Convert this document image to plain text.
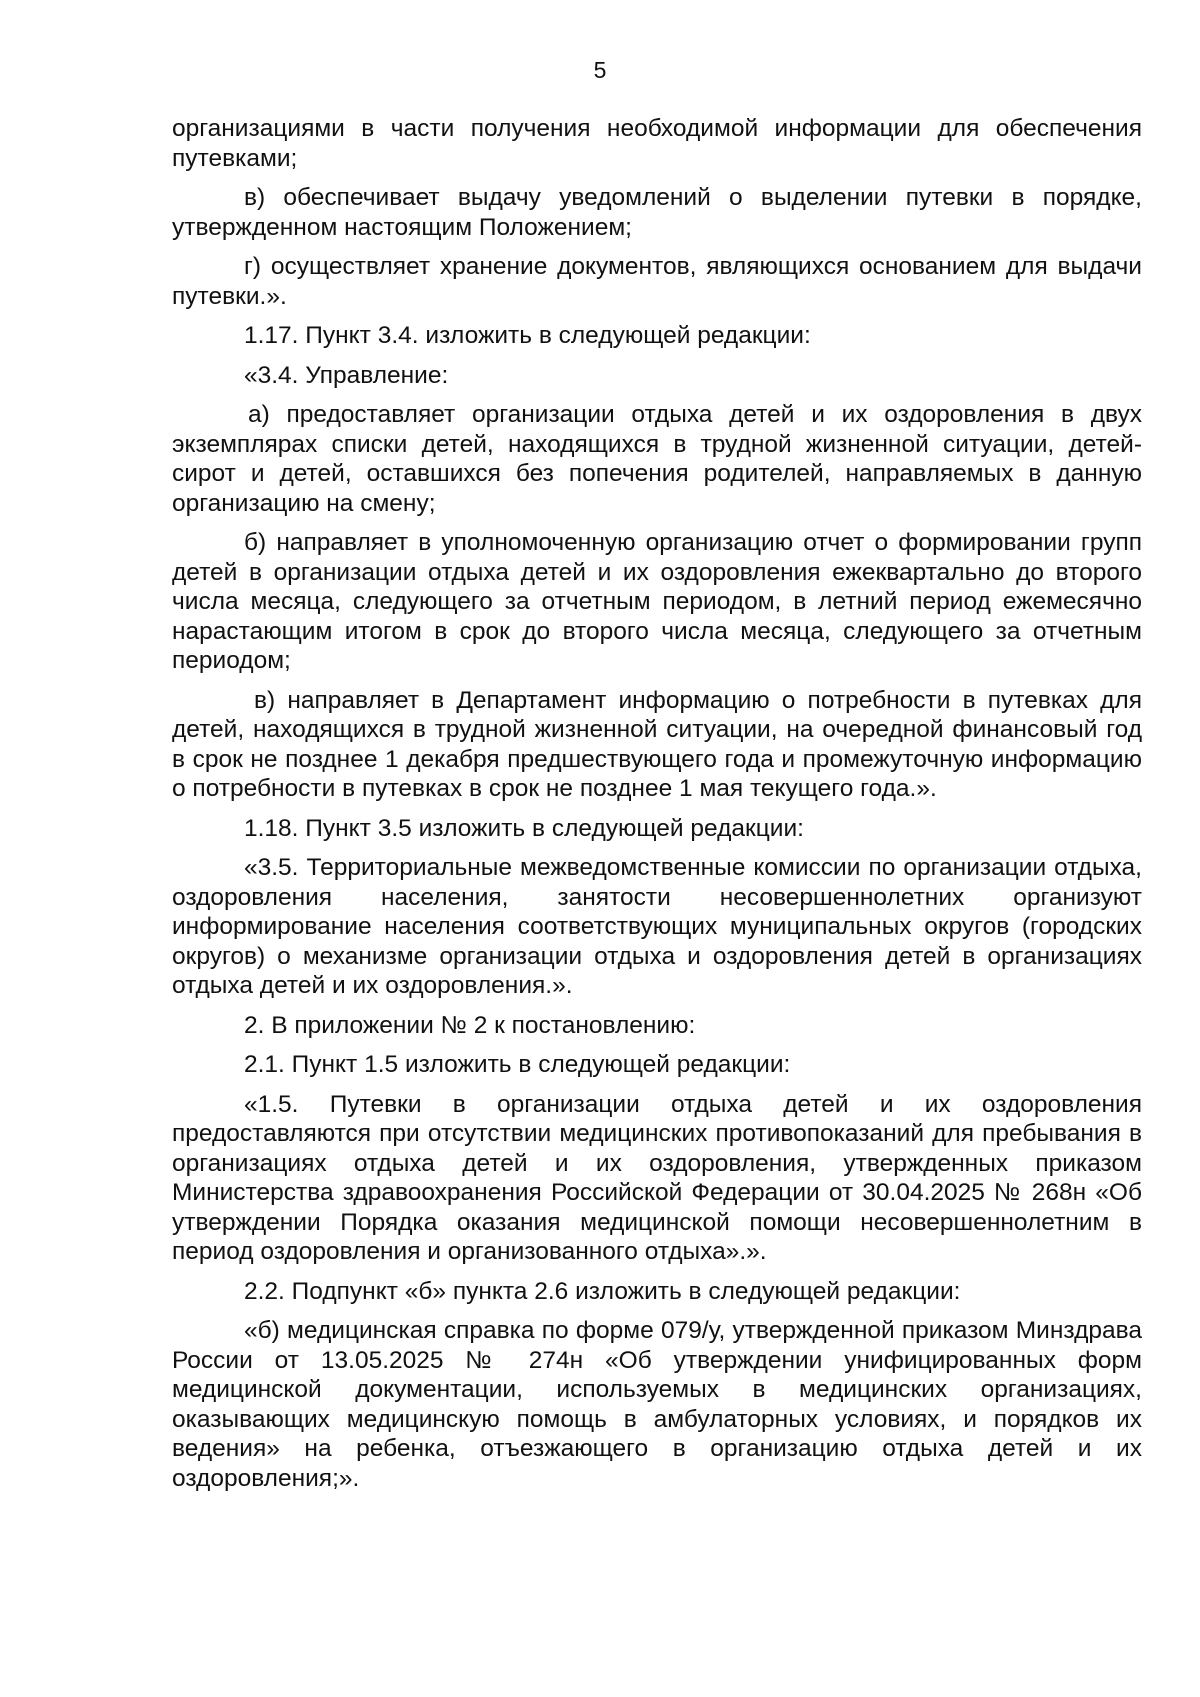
5

организациями в части получения необходимой информации для обеспечения путевками;

в) обеспечивает выдачу уведомлений о выделении путевки в порядке, утвержденном настоящим Положением;

г) осуществляет хранение документов, являющихся основанием для выдачи путевки.».

1.17. Пункт 3.4. изложить в следующей редакции:

«3.4. Управление:

а) предоставляет организации отдыха детей и их оздоровления в двух экземплярах списки детей, находящихся в трудной жизненной ситуации, детей-сирот и детей, оставшихся без попечения родителей, направляемых в данную организацию на смену;

б) направляет в уполномоченную организацию отчет о формировании групп детей в организации отдыха детей и их оздоровления ежеквартально до второго числа месяца, следующего за отчетным периодом, в летний период ежемесячно нарастающим итогом в срок до второго числа месяца, следующего за отчетным периодом;

в) направляет в Департамент информацию о потребности в путевках для детей, находящихся в трудной жизненной ситуации, на очередной финансовый год в срок не позднее 1 декабря предшествующего года и промежуточную информацию о потребности в путевках в срок не позднее 1 мая текущего года.».

1.18. Пункт 3.5 изложить в следующей редакции:

«3.5. Территориальные межведомственные комиссии по организации отдыха, оздоровления населения, занятости несовершеннолетних организуют информирование населения соответствующих муниципальных округов (городских округов) о механизме организации отдыха и оздоровления детей в организациях отдыха детей и их оздоровления.».

2. В приложении № 2 к постановлению:

2.1. Пункт 1.5 изложить в следующей редакции:

«1.5. Путевки в организации отдыха детей и их оздоровления предоставляются при отсутствии медицинских противопоказаний для пребывания в организациях отдыха детей и их оздоровления, утвержденных приказом Министерства здравоохранения Российской Федерации от 30.04.2025 № 268н «Об утверждении Порядка оказания медицинской помощи несовершеннолетним в период оздоровления и организованного отдыха».».

2.2. Подпункт «б» пункта 2.6 изложить в следующей редакции:

«б) медицинская справка по форме 079/у, утвержденной приказом Минздрава России от 13.05.2025 № 274н «Об утверждении унифицированных форм медицинской документации, используемых в медицинских организациях, оказывающих медицинскую помощь в амбулаторных условиях, и порядков их ведения» на ребенка, отъезжающего в организацию отдыха детей и их оздоровления;».
